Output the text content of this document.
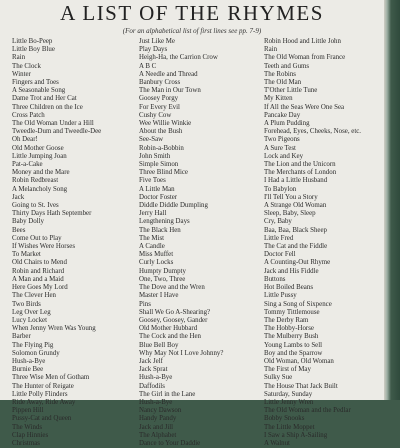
A LIST OF THE RHYMES
(For an alphabetical list of first lines see pp. 7-9)
Little Bo-Peep
Little Boy Blue
Rain
The Clock
Winter
Fingers and Toes
A Seasonable Song
Dame Trot and Her Cat
Three Children on the Ice
Cross Patch
The Old Woman Under a Hill
Tweedle-Dum and Tweedle-Dee
Oh Dear!
Old Mother Goose
Little Jumping Joan
Pat-a-Cake
Money and the Mare
Robin Redbreast
A Melancholy Song
Jack
Going to St. Ives
Thirty Days Hath September
Baby Dolly
Bees
Come Out to Play
If Wishes Were Horses
To Market
Old Chairs to Mend
Robin and Richard
A Man and a Maid
Here Goes My Lord
The Clever Hen
Two Birds
Leg Over Leg
Lucy Locket
When Jenny Wren Was Young
Barber
The Flying Pig
Solomon Grundy
Hush-a-Bye
Burnie Bee
Three Wise Men of Gotham
The Hunter of Reigate
Little Polly Flinders
Ride Away, Ride Away
Pippen Hill
Pussy-Cat and Queen
The Winds
Clap Hinnies
Christmas
Just Like Me
Play Days
Heigh-Ha, the Carrion Crow
A B C
A Needle and Thread
Banbury Cross
The Man in Our Town
Goosey Porgy
For Every Evil
Cushy Cow
Wee Willie Winkie
About the Bush
See-Saw
Robin-a-Bobbin
John Smith
Simple Simon
Three Blind Mice
Five Toes
A Little Man
Doctor Foster
Diddle Diddle Dumpling
Jerry Hall
Lengthening Days
The Black Hen
The Mist
A Candle
Miss Muffet
Curly Locks
Humpty Dumpty
One, Two, Three
The Dove and the Wren
Master I Have
Pins
Shall We Go A-Shearing?
Goosey, Goosey, Gander
Old Mother Hubbard
The Cock and the Hen
Blue Bell Boy
Why May Not I Love Johnny?
Jack Jelf
Jack Sprat
Hush-a-Bye
Daffodils
The Girl in the Lane
Hush-a-Bye
Nancy Dawson
Handy Pandy
Jack and Jill
The Alphabet
Dance to Your Daddie
Robin Hood and Little John
Rain
The Old Woman from France
Teeth and Gums
The Robins
The Old Man
T'Other Little Tune
My Kitten
If All the Seas Were One Sea
Pancake Day
A Plum Pudding
Forehead, Eyes, Cheeks, Nose, etc.
Two Pigeons
A Sure Test
Lock and Key
The Lion and the Unicorn
The Merchants of London
I Had a Little Husband
To Babylon
I'll Tell You a Story
A Strange Old Woman
Sleep, Baby, Sleep
Cry, Baby
Baa, Baa, Black Sheep
Little Fred
The Cat and the Fiddle
Doctor Fell
A Counting-Out Rhyme
Jack and His Fiddle
Buttons
Hot Boiled Beans
Little Pussy
Sing a Song of Sixpence
Tommy Tittlemouse
The Derby Ram
The Hobby-Horse
The Mulberry Bush
Young Lambs to Sell
Boy and the Sparrow
Old Woman, Old Woman
The First of May
Sulky Sue
The House That Jack Built
Saturday, Sunday
Little Jenny Wren
The Old Woman and the Pedlar
Bobby Snooks
The Little Moppet
I Saw a Ship A-Sailing
A Walnut
